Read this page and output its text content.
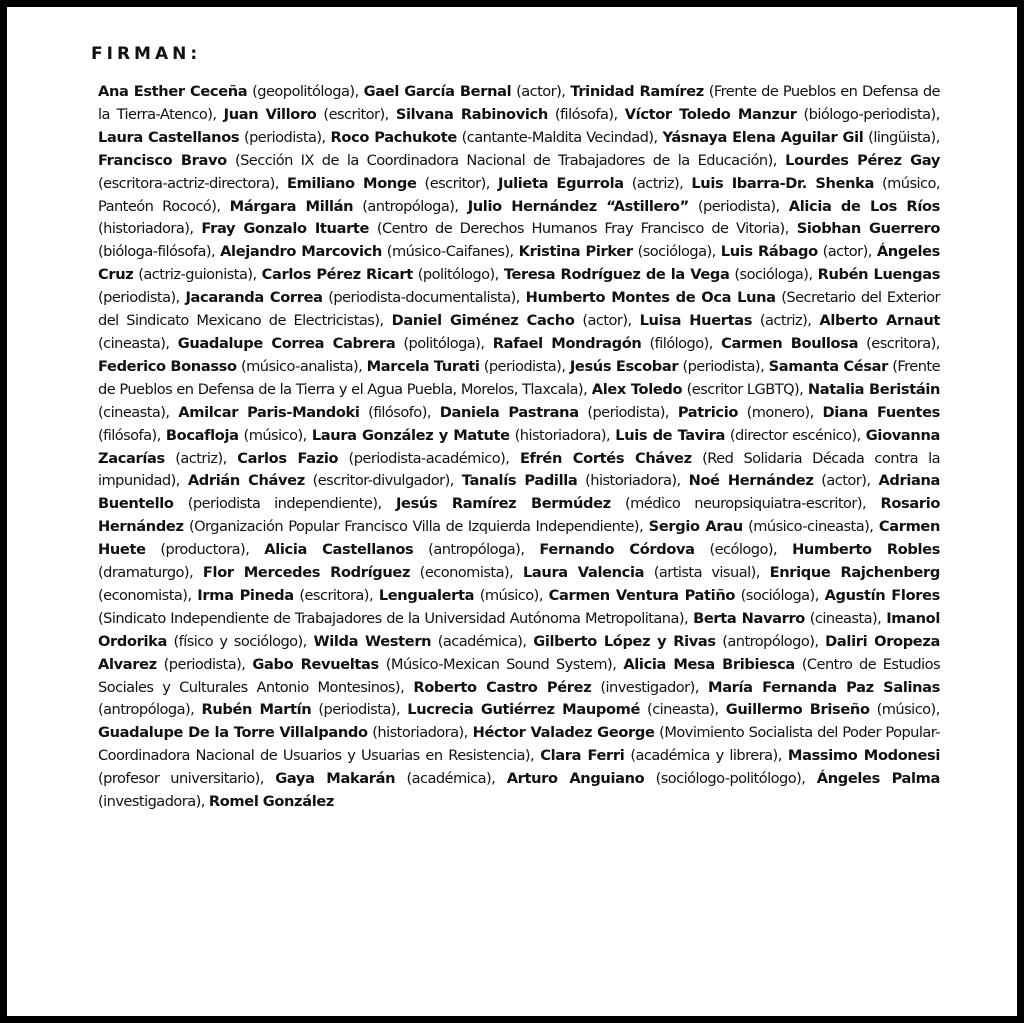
FIRMAN:

Ana Esther Ceceña (geopolitóloga), Gael García Bernal (actor), Trinidad Ramírez (Frente de Pueblos en Defensa de la Tierra-Atenco), Juan Villoro (escritor), Silvana Rabinovich (filósofa), Víctor Toledo Manzur (biólogo-periodista), Laura Castellanos (periodista), Roco Pachukote (cantante-Maldita Vecindad), Yásnaya Elena Aguilar Gil (lingüista), Francisco Bravo (Sección IX de la Coordinadora Nacional de Trabajadores de la Educación), Lourdes Pérez Gay (escritora-actriz-directora), Emiliano Monge (escritor), Julieta Egurrola (actriz), Luis Ibarra-Dr. Shenka (músico, Panteón Rococó), Márgara Millán (antropóloga), Julio Hernández “Astillero” (periodista), Alicia de Los Ríos (historiadora), Fray Gonzalo Ituarte (Centro de Derechos Humanos Fray Francisco de Vitoria), Siobhan Guerrero (bióloga-filósofa), Alejandro Marcovich (músico-Caifanes), Kristina Pirker (socióloga), Luis Rábago (actor), Ángeles Cruz (actriz-guionista), Carlos Pérez Ricart (politólogo), Teresa Rodríguez de la Vega (socióloga), Rubén Luengas (periodista), Jacaranda Correa (periodista-documentalista), Humberto Montes de Oca Luna (Secretario del Exterior del Sindicato Mexicano de Electricistas), Daniel Giménez Cacho (actor), Luisa Huertas (actriz), Alberto Arnaut (cineasta), Guadalupe Correa Cabrera (politóloga), Rafael Mondragón (filólogo), Carmen Boullosa (escritora), Federico Bonasso (músico-analista), Marcela Turati (periodista), Jesús Escobar (periodista), Samanta César (Frente de Pueblos en Defensa de la Tierra y el Agua Puebla, Morelos, Tlaxcala), Alex Toledo (escritor LGBTQ), Natalia Beristáin (cineasta), Amilcar Paris-Mandoki (filósofo), Daniela Pastrana (periodista), Patricio (monero), Diana Fuentes (filósofa), Bocafloja (músico), Laura González y Matute (historiadora), Luis de Tavira (director escénico), Giovanna Zacarías (actriz), Carlos Fazio (periodista-académico), Efrén Cortés Chávez (Red Solidaria Década contra la impunidad), Adrián Chávez (escritor-divulgador), Tanalís Padilla (historiadora), Noé Hernández (actor), Adriana Buentello (periodista independiente), Jesús Ramírez Bermúdez (médico neuropsiquiatra-escritor), Rosario Hernández (Organización Popular Francisco Villa de Izquierda Independiente), Sergio Arau (músico-cineasta), Carmen Huete (productora), Alicia Castellanos (antropóloga), Fernando Córdova (ecólogo), Humberto Robles (dramaturgo), Flor Mercedes Rodríguez (economista), Laura Valencia (artista visual), Enrique Rajchenberg (economista), Irma Pineda (escritora), Lengualerta (músico), Carmen Ventura Patiño (socióloga), Agustín Flores (Sindicato Independiente de Trabajadores de la Universidad Autónoma Metropolitana), Berta Navarro (cineasta), Imanol Ordorika (físico y sociólogo), Wilda Western (académica), Gilberto López y Rivas (antropólogo), Daliri Oropeza Alvarez (periodista), Gabo Revueltas (Músico-Mexican Sound System), Alicia Mesa Bribiesca (Centro de Estudios Sociales y Culturales Antonio Montesinos), Roberto Castro Pérez (investigador), María Fernanda Paz Salinas (antropóloga), Rubén Martín (periodista), Lucrecia Gutiérrez Maupomé (cineasta), Guillermo Briseño (músico), Guadalupe De la Torre Villalpando (historiadora), Héctor Valadez George (Movimiento Socialista del Poder Popular-Coordinadora Nacional de Usuarios y Usuarias en Resistencia), Clara Ferri (académica y librera), Massimo Modonesi (profesor universitario), Gaya Makarán (académica), Arturo Anguiano (sociólogo-politólogo), Ángeles Palma (investigadora), Romel González
